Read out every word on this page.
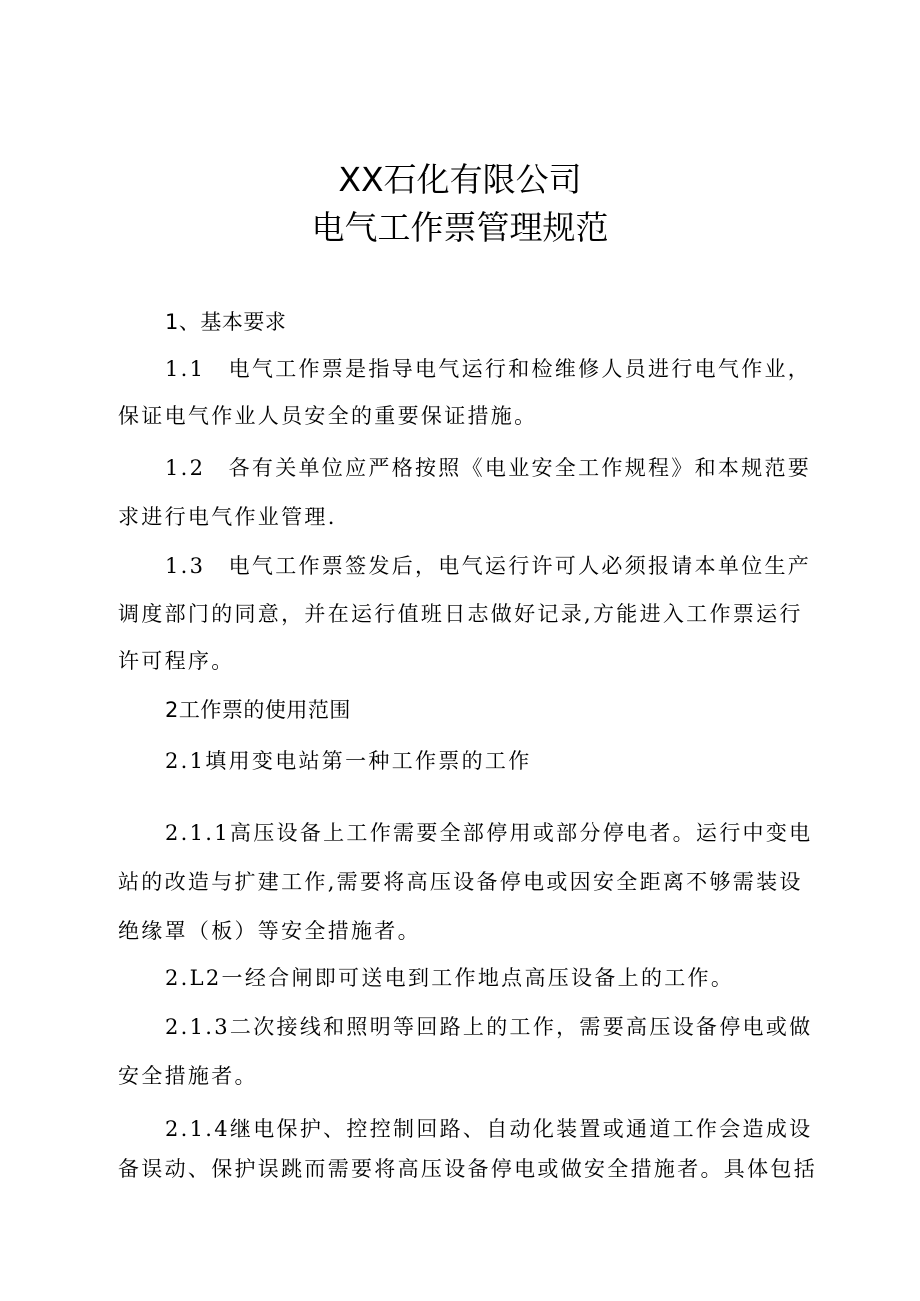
XX石化有限公司
电气工作票管理规范
1、基本要求
1.1　电气工作票是指导电气运行和检维修人员进行电气作业，
保证电气作业人员安全的重要保证措施。
1.2　各有关单位应严格按照《电业安全工作规程》和本规范要
求进行电气作业管理.
1.3　电气工作票签发后，电气运行许可人必须报请本单位生产
调度部门的同意，并在运行值班日志做好记录,方能进入工作票运行
许可程序。
2工作票的使用范围
2.1填用变电站第一种工作票的工作
2.1.1高压设备上工作需要全部停用或部分停电者。运行中变电
站的改造与扩建工作,需要将高压设备停电或因安全距离不够需装设
绝缘罩（板）等安全措施者。
2.L2一经合闸即可送电到工作地点高压设备上的工作。
2.1.3二次接线和照明等回路上的工作，需要高压设备停电或做
安全措施者。
2.1.4继电保护、控控制回路、自动化装置或通道工作会造成设
备误动、保护误跳而需要将高压设备停电或做安全措施者。具体包括
